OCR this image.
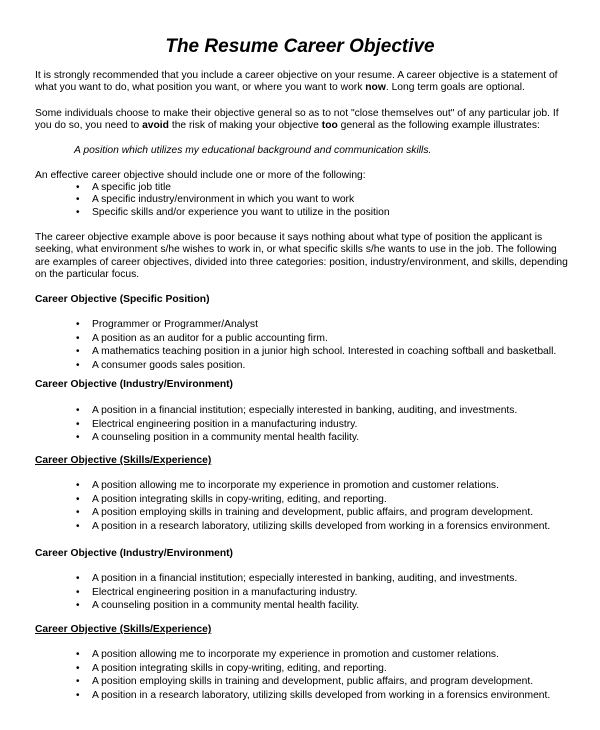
The Resume Career Objective
It is strongly recommended that you include a career objective on your resume. A career objective is a statement of what you want to do, what position you want, or where you want to work now. Long term goals are optional.
Some individuals choose to make their objective general so as to not "close themselves out" of any particular job. If you do so, you need to avoid the risk of making your objective too general as the following example illustrates:
A position which utilizes my educational background and communication skills.
An effective career objective should include one or more of the following:
• A specific job title
• A specific industry/environment in which you want to work
• Specific skills and/or experience you want to utilize in the position
The career objective example above is poor because it says nothing about what type of position the applicant is seeking, what environment s/he wishes to work in, or what specific skills s/he wants to use in the job. The following are examples of career objectives, divided into three categories: position, industry/environment, and skills, depending on the particular focus.
Career Objective (Specific Position)
• Programmer or Programmer/Analyst
• A position as an auditor for a public accounting firm.
• A mathematics teaching position in a junior high school. Interested in coaching softball and basketball.
• A consumer goods sales position.
Career Objective (Industry/Environment)
• A position in a financial institution; especially interested in banking, auditing, and investments.
• Electrical engineering position in a manufacturing industry.
• A counseling position in a community mental health facility.
Career Objective (Skills/Experience)
• A position allowing me to incorporate my experience in promotion and customer relations.
• A position integrating skills in copy-writing, editing, and reporting.
• A position employing skills in training and development, public affairs, and program development.
• A position in a research laboratory, utilizing skills developed from working in a forensics environment.
Career Objective (Industry/Environment)
• A position in a financial institution; especially interested in banking, auditing, and investments.
• Electrical engineering position in a manufacturing industry.
• A counseling position in a community mental health facility.
Career Objective (Skills/Experience)
• A position allowing me to incorporate my experience in promotion and customer relations.
• A position integrating skills in copy-writing, editing, and reporting.
• A position employing skills in training and development, public affairs, and program development.
• A position in a research laboratory, utilizing skills developed from working in a forensics environment.
